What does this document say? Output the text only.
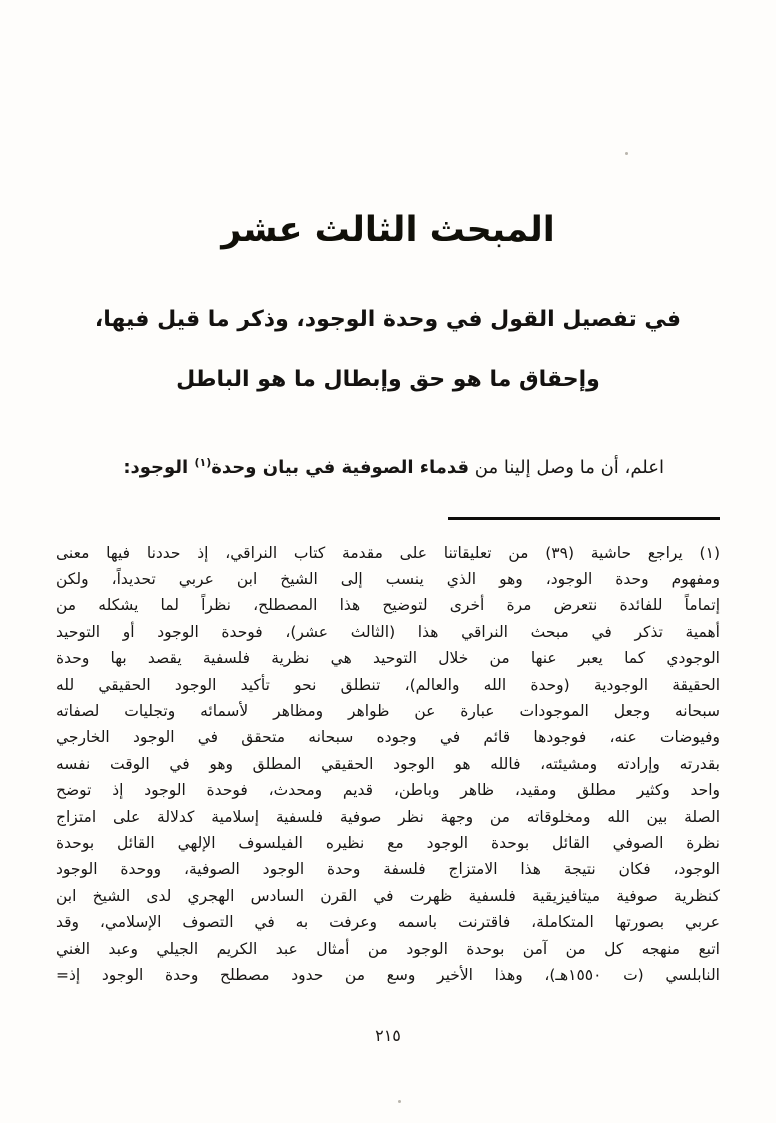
المبحث الثالث عشر
في تفصيل القول في وحدة الوجود، وذكر ما قيل فيها،
وإحقاق ما هو حق وإبطال ما هو الباطل

اعلم، أن ما وصل إلينا من قدماء الصوفية في بيان وحدة$^{(١)}$ الوجود:

(١) يراجع حاشية (٣٩) من تعليقاتنا على مقدمة كتاب النراقي، إذ حددنا فيها معنى
ومفهوم وحدة الوجود، وهو الذي ينسب إلى الشيخ ابن عربي تحديداً، ولكن
إتماماً للفائدة نتعرض مرة أخرى لتوضيح هذا المصطلح، نظراً لما يشكله من
أهمية تذكر في مبحث النراقي هذا (الثالث عشر)، فوحدة الوجود أو التوحيد
الوجودي كما يعبر عنها من خلال التوحيد هي نظرية فلسفية يقصد بها وحدة
الحقيقة الوجودية (وحدة الله والعالم)، تنطلق نحو تأكيد الوجود الحقيقي لله
سبحانه وجعل الموجودات عبارة عن ظواهر ومظاهر لأسمائه وتجليات لصفاته
وفيوضات عنه، فوجودها قائم في وجوده سبحانه متحقق في الوجود الخارجي
بقدرته وإرادته ومشيئته، فالله هو الوجود الحقيقي المطلق وهو في الوقت نفسه
واحد وكثير مطلق ومقيد، ظاهر وباطن، قديم ومحدث، فوحدة الوجود إذ توضح
الصلة بين الله ومخلوقاته من وجهة نظر صوفية فلسفية إسلامية كدلالة على امتزاج
نظرة الصوفي القائل بوحدة الوجود مع نظيره الفيلسوف الإلهي القائل بوحدة
الوجود، فكان نتيجة هذا الامتزاج فلسفة وحدة الوجود الصوفية، ووحدة الوجود
كنظرية صوفية ميتافيزيقية فلسفية ظهرت في القرن السادس الهجري لدى الشيخ ابن
عربي بصورتها المتكاملة، فاقترنت باسمه وعرفت به في التصوف الإسلامي، وقد
اتبع منهجه كل من آمن بوحدة الوجود من أمثال عبد الكريم الجيلي وعبد الغني
النابلسي (ت ١٥٥٠هـ)، وهذا الأخير وسع من حدود مصطلح وحدة الوجود إذ=
٢١٥
